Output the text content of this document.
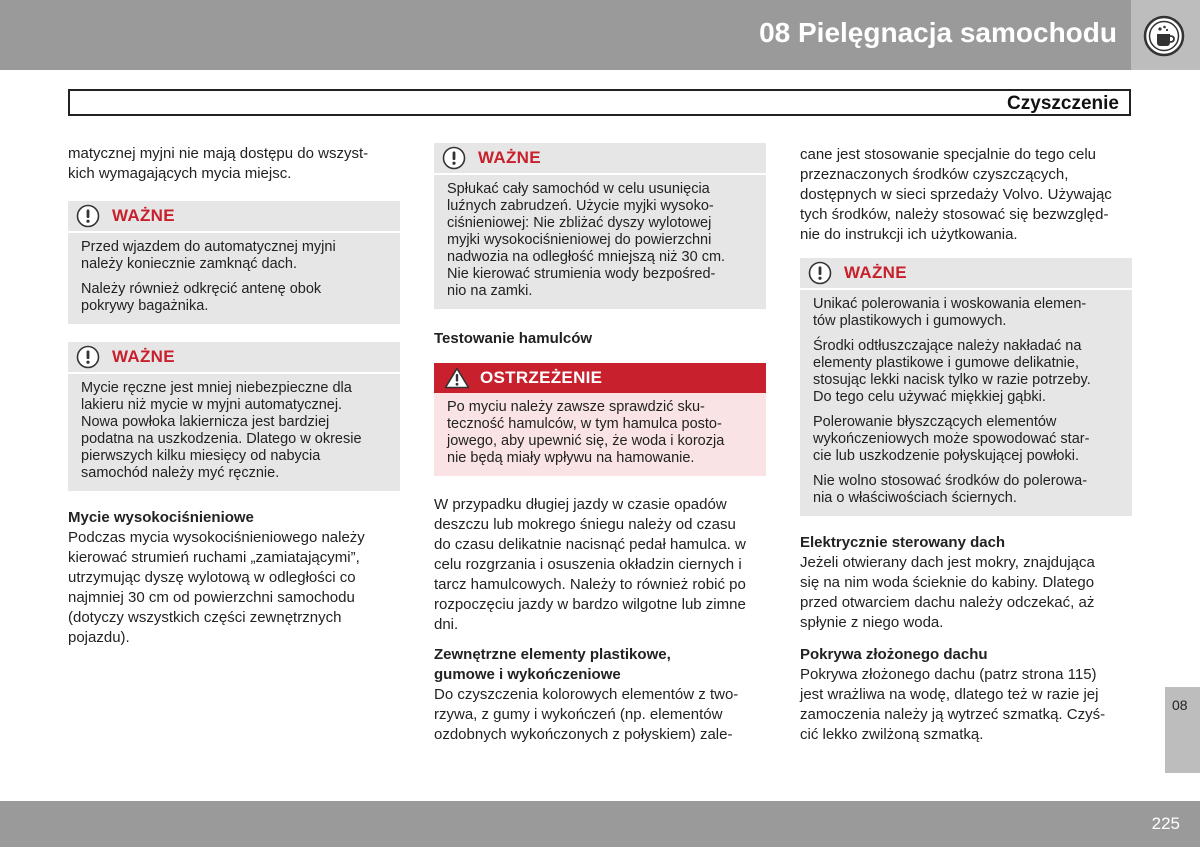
08 Pielęgnacja samochodu
Czyszczenie
matycznej myjni nie mają dostępu do wszyst-
kich wymagających mycia miejsc.
WAŻNE

Przed wjazdem do automatycznej myjni
należy koniecznie zamknąć dach.

Należy również odkręcić antenę obok
pokrywy bagażnika.

WAŻNE
Mycie ręczne jest mniej niebezpieczne dla
lakieru niż mycie w myjni automatycznej.
Nowa powłoka lakiernicza jest bardziej
podatna na uszkodzenia. Dlatego w okresie
pierwszych kilku miesięcy od nabycia
samochód należy myć ręcznie.
Mycie wysokociśnieniowe
Podczas mycia wysokociśnieniowego należy
kierować strumień ruchami „zamiatającymi”,
utrzymując dyszę wylotową w odległości co
najmniej 30 cm od powierzchni samochodu
(dotyczy wszystkich części zewnętrznych
pojazdu).
WAŻNE
Spłukać cały samochód w celu usunięcia
luźnych zabrudzeń. Użycie myjki wysoko-
ciśnieniowej: Nie zbliżać dyszy wylotowej
myjki wysokociśnieniowej do powierzchni
nadwozia na odległość mniejszą niż 30 cm.
Nie kierować strumienia wody bezpośred-
nio na zamki.
Testowanie hamulców
OSTRZEŻENIE
Po myciu należy zawsze sprawdzić sku-
teczność hamulców, w tym hamulca posto-
jowego, aby upewnić się, że woda i korozja
nie będą miały wpływu na hamowanie.
W przypadku długiej jazdy w czasie opadów
deszczu lub mokrego śniegu należy od czasu
do czasu delikatnie nacisnąć pedał hamulca. w
celu rozgrzania i osuszenia okładzin ciernych i
tarcz hamulcowych. Należy to również robić po
rozpoczęciu jazdy w bardzo wilgotne lub zimne
dni.
Zewnętrzne elementy plastikowe,
gumowe i wykończeniowe
Do czyszczenia kolorowych elementów z two-
rzywa, z gumy i wykończeń (np. elementów
ozdobnych wykończonych z połyskiem) zale-
cane jest stosowanie specjalnie do tego celu
przeznaczonych środków czyszczących,
dostępnych w sieci sprzedaży Volvo. Używając
tych środków, należy stosować się bezwzględ-
nie do instrukcji ich użytkowania.
WAŻNE

Unikać polerowania i woskowania elemen-
tów plastikowych i gumowych.

Środki odtłuszczające należy nakładać na
elementy plastikowe i gumowe delikatnie,
stosując lekki nacisk tylko w razie potrzeby.
Do tego celu używać miękkiej gąbki.

Polerowanie błyszczących elementów
wykończeniowych może spowodować star-
cie lub uszkodzenie połyskującej powłoki.

Nie wolno stosować środków do polerowa-
nia o właściwościach ściernych.

Elektrycznie sterowany dach
Jeżeli otwierany dach jest mokry, znajdująca
się na nim woda ścieknie do kabiny. Dlatego
przed otwarciem dachu należy odczekać, aż
spłynie z niego woda.
Pokrywa złożonego dachu
Pokrywa złożonego dachu (patrz strona 115)
jest wrażliwa na wodę, dlatego też w razie jej
zamoczenia należy ją wytrzeć szmatką. Czyś-
cić lekko zwilżoną szmatką.
08
225
